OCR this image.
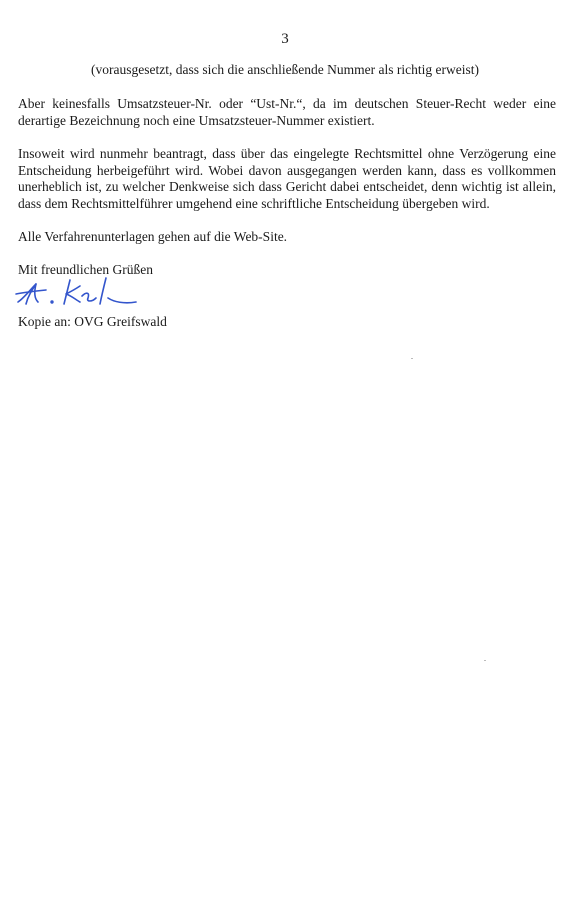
3
(vorausgesetzt, dass sich die anschließende Nummer als richtig erweist)

Aber keinesfalls Umsatzsteuer-Nr. oder “Ust-Nr.“, da im deutschen Steuer-Recht weder eine derartige Bezeichnung noch eine Umsatzsteuer-Nummer existiert.

Insoweit wird nunmehr beantragt, dass über das eingelegte Rechtsmittel ohne Verzögerung eine Entscheidung herbeigeführt wird. Wobei davon ausgegangen werden kann, dass es vollkommen unerheblich ist, zu welcher Denkweise sich dass Gericht dabei entscheidet, denn wichtig ist allein, dass dem Rechtsmittelführer umgehend eine schriftliche Entscheidung übergeben wird.

Alle Verfahrenunterlagen gehen auf die Web-Site.

Mit freundlichen Grüßen
Kopie an: OVG Greifswald
